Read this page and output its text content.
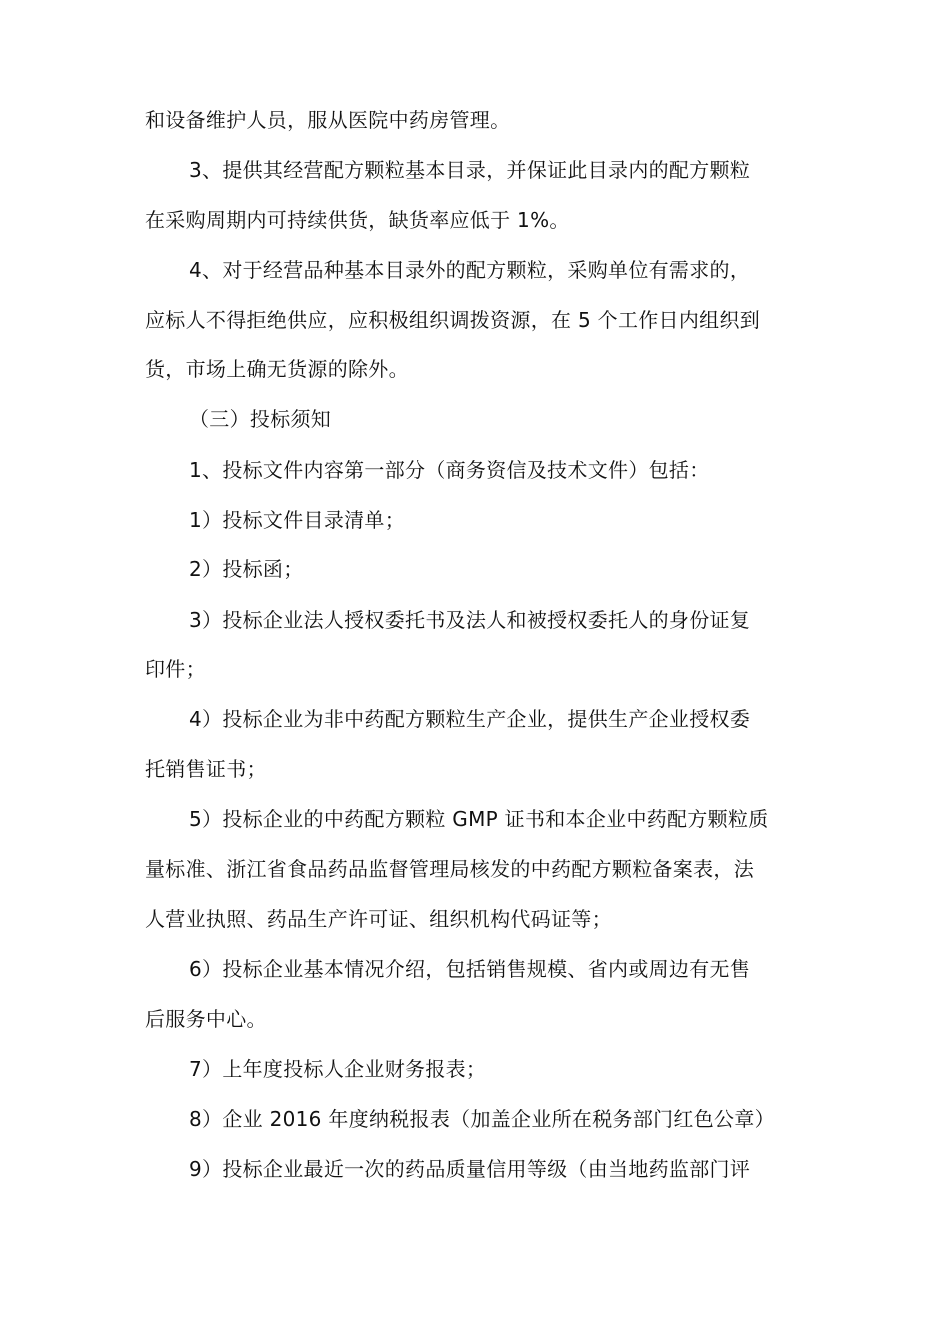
和设备维护人员，服从医院中药房管理。
3、提供其经营配方颗粒基本目录，并保证此目录内的配方颗粒
在采购周期内可持续供货，缺货率应低于 1%。
4、对于经营品种基本目录外的配方颗粒，采购单位有需求的，
应标人不得拒绝供应，应积极组织调拨资源，在 5 个工作日内组织到
货，市场上确无货源的除外。
（三）投标须知
1、投标文件内容第一部分（商务资信及技术文件）包括：
1）投标文件目录清单；
2）投标函；
3）投标企业法人授权委托书及法人和被授权委托人的身份证复
印件；
4）投标企业为非中药配方颗粒生产企业，提供生产企业授权委
托销售证书；
5）投标企业的中药配方颗粒 GMP 证书和本企业中药配方颗粒质
量标准、浙江省食品药品监督管理局核发的中药配方颗粒备案表，法
人营业执照、药品生产许可证、组织机构代码证等；
6）投标企业基本情况介绍，包括销售规模、省内或周边有无售
后服务中心。
7）上年度投标人企业财务报表；
8）企业 2016 年度纳税报表（加盖企业所在税务部门红色公章）
9）投标企业最近一次的药品质量信用等级（由当地药监部门评
